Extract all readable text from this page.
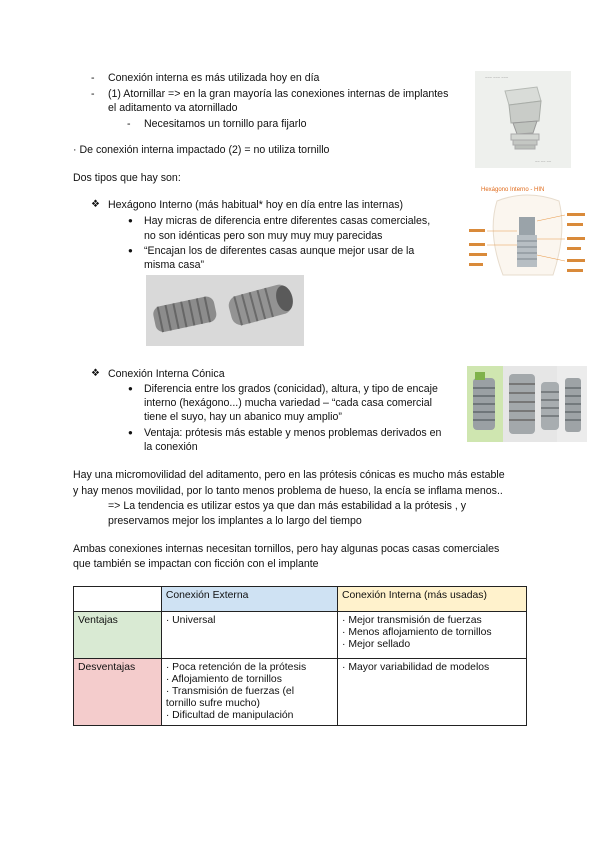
- Conexión interna es más utilizada hoy en día
- (1) Atornillar => en la gran mayoría las conexiones internas de implantes
el aditamento va atornillado
- Necesitamos un tornillo para fijarlo
· De conexión interna impactado (2) = no utiliza tornillo
Dos tipos que hay son:
❖ Hexágono Interno (más habitual* hoy en día entre las internas)
● Hay micras de diferencia entre diferentes casas comerciales,
no son idénticas pero son muy muy muy parecidas
● “Encajan los de diferentes casas aunque mejor usar de la
misma casa”
❖ Conexión Interna Cónica
● Diferencia entre los grados (conicidad), altura, y tipo de encaje
interno (hexágono...) mucha variedad – “cada casa comercial
tiene el suyo, hay un abanico muy amplio”
● Ventaja: prótesis más estable y menos problemas derivados en
la conexión
Hay una micromovilidad del aditamento, pero en las prótesis cónicas es mucho más estable
y hay menos movilidad, por lo tanto menos problema de hueso, la encía se inflama menos..
=> La tendencia es utilizar estos ya que dan más estabilidad a la prótesis , y
preservamos mejor los implantes a lo largo del tiempo
Ambas conexiones internas necesitan tornillos, pero hay algunas pocas casas comerciales
que también se impactan con ficción con el implante
~~~ ~~~ ~~~
~~ ~~ ~~
Hexágono Interno - HIN
	Conexión Externa	Conexión Interna (más usadas)
Ventajas	· Universal	· Mejor transmisión de fuerzas
· Menos aflojamiento de tornillos
· Mejor sellado

Desventajas	· Poca retención de la prótesis
· Aflojamiento de tornillos
· Transmisión de fuerzas (el
tornillo sufre mucho)
· Dificultad de manipulación	· Mayor variabilidad de modelos
